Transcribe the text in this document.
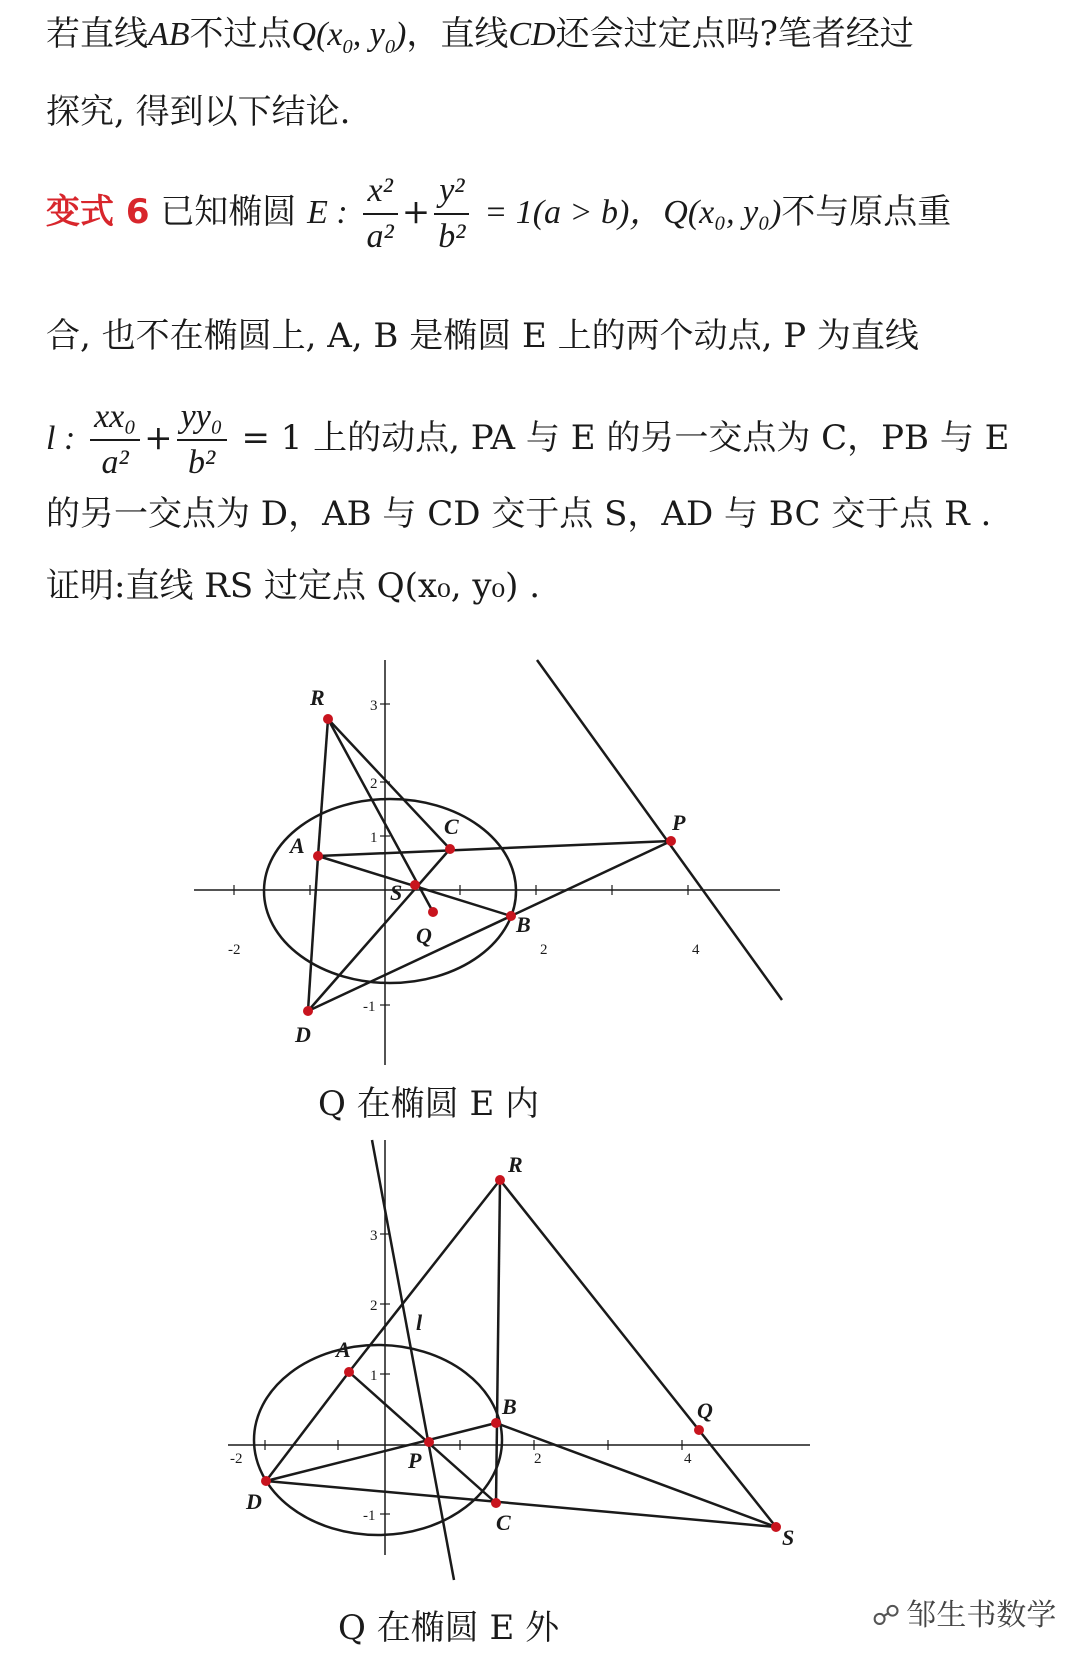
若直线AB不过点$Q(x_0$, $y_0$)，直线CD还会过定点吗?笔者经过
探究, 得到以下结论.
变式 6 已知椭圆 E : $\frac{\text{x²}}{\text{a²}} + \frac{\text{y²}}{\text{b²}} = 1(a > b)$，Q(x₀, y₀)不与原点重
合, 也不在椭圆上, A, B 是椭圆 E 上的两个动点, P 为直线
l : $\frac{\text{xx₀}}{\text{a²}} + \frac{\text{yy₀}}{\text{b²}} = 1$ 上的动点, PA 与 E 的另一交点为 C，PB 与 E
的另一交点为 D，AB 与 CD 交于点 S，AD 与 BC 交于点 R .
证明:直线 RS 过定点 Q(x₀, y₀) .
-2	2	4
3
2
1
-1
R
A
C	P
S
Q	B
D
-2	2	4
3
2
1
-1
l
R
A
B	Q
P
D
C
S
Q 在椭圆 E 内
Q 在椭圆 E 外	☍ 邹生书数学
